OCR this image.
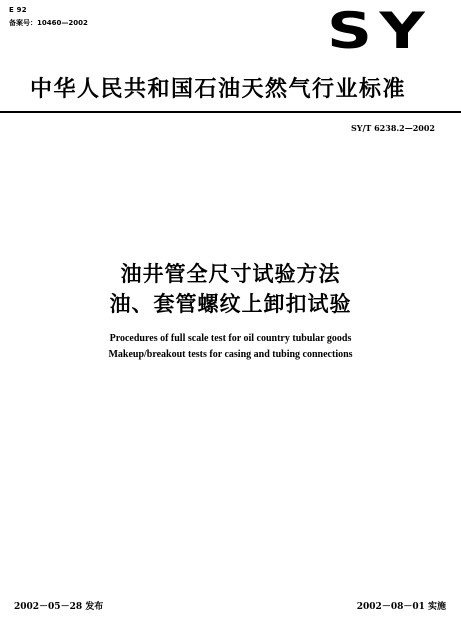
E 92
备案号：10460—2002	SY
中华人民共和国石油天然气行业标准
SY/T 6238.2—2002
油井管全尺寸试验方法
油、套管螺纹上卸扣试验
Procedures of full scale test for oil country tubular goods
Makeup/breakout tests for casing and tubing connections
2002－05－28 发布	2002－08－01 实施
